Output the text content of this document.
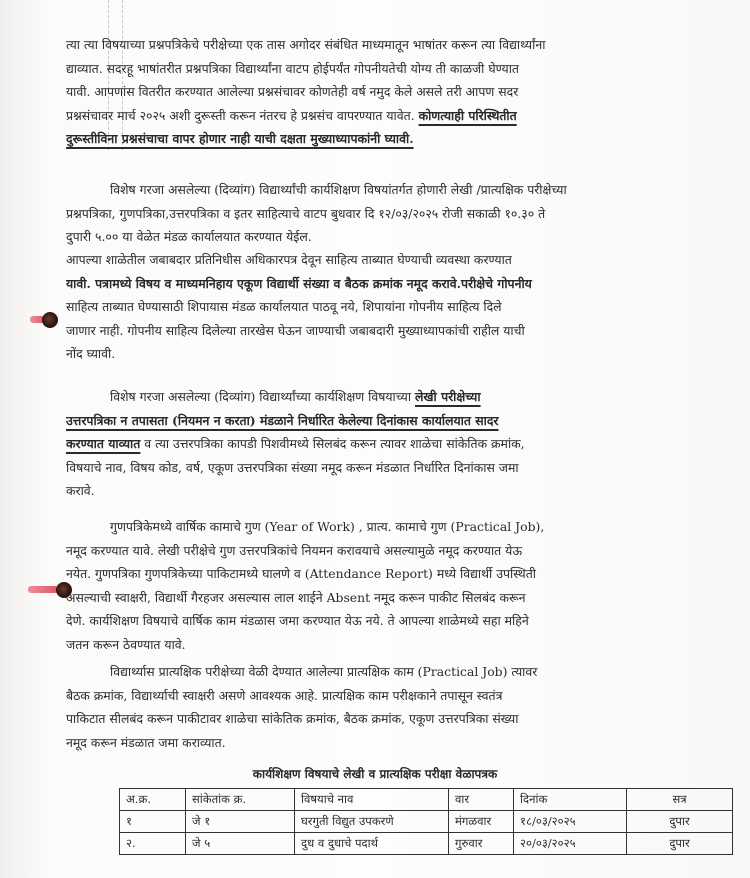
त्या त्या विषयाच्या प्रश्नपत्रिकेचे परीक्षेच्या एक तास अगोदर संबंधित माध्यमातून भाषांतर करून त्या विद्यार्थ्यांना
द्याव्यात. सदरहू भाषांतरीत प्रश्नपत्रिका विद्यार्थ्यांना वाटप होईपर्यंत गोपनीयतेची योग्य ती काळजी घेण्यात
यावी. आपणांस वितरीत करण्यात आलेल्या प्रश्नसंचावर कोणतेही वर्ष नमुद केले असले तरी आपण सदर
प्रश्नसंचावर मार्च २०२५ अशी दुरूस्ती करून नंतरच हे प्रश्नसंच वापरण्यात यावेत. कोणत्याही परिस्थितीत
दुरूस्तीविना प्रश्नसंचाचा वापर होणार नाही याची दक्षता मुख्याध्यापकांनी घ्यावी.
विशेष गरजा असलेल्या (दिव्यांग) विद्यार्थ्यांची कार्यशिक्षण विषयांतर्गत होणारी लेखी /प्रात्यक्षिक परीक्षेच्या
प्रश्नपत्रिका, गुणपत्रिका,उत्तरपत्रिका व इतर साहित्याचे वाटप बुधवार दि १२/०३/२०२५ रोजी सकाळी १०.३० ते
दुपारी ५.०० या वेळेत मंडळ कार्यालयात करण्यात येईल.
आपल्या शाळेतील जबाबदार प्रतिनिधीस अधिकारपत्र देवून साहित्य ताब्यात घेण्याची व्यवस्था करण्यात
यावी. पत्रामध्ये विषय व माध्यमनिहाय एकूण विद्यार्थी संख्या व बैठक क्रमांक नमूद करावे.परीक्षेचे गोपनीय
साहित्य ताब्यात घेण्यासाठी शिपायास मंडळ कार्यालयात पाठवू नये, शिपायांना गोपनीय साहित्य दिले
जाणार नाही. गोपनीय साहित्य दिलेल्या तारखेस घेऊन जाण्याची जबाबदारी मुख्याध्यापकांची राहील याची
नोंद घ्यावी.
विशेष गरजा असलेल्या (दिव्यांग) विद्यार्थ्यांच्या कार्यशिक्षण विषयाच्या लेखी परीक्षेच्या
उत्तरपत्रिका न तपासता (नियमन न करता) मंडळाने निर्धारित केलेल्या दिनांकास कार्यालयात सादर
करण्यात याव्यात व त्या उत्तरपत्रिका कापडी पिशवीमध्ये सिलबंद करून त्यावर शाळेचा सांकेतिक क्रमांक,
विषयाचे नाव, विषय कोड, वर्ष, एकूण उत्तरपत्रिका संख्या नमूद करून मंडळात निर्धारित दिनांकास जमा
करावे.
गुणपत्रिकेमध्ये वार्षिक कामाचे गुण (Year of Work) , प्रात्य. कामाचे गुण (Practical Job),
नमूद करण्यात यावे. लेखी परीक्षेचे गुण उत्तरपत्रिकांचे नियमन करावयाचे असल्यामुळे नमूद करण्यात येऊ
नयेत. गुणपत्रिका गुणपत्रिकेच्या पाकिटामध्ये घालणे व (Attendance Report) मध्ये विद्यार्थी उपस्थिती
असल्याची स्वाक्षरी, विद्यार्थी गैरहजर असल्यास लाल शाईने Absent नमूद करून पाकीट सिलबंद करून
देणे. कार्यशिक्षण विषयाचे वार्षिक काम मंडळास जमा करण्यात येऊ नये. ते आपल्या शाळेमध्ये सहा महिने
जतन करून ठेवण्यात यावे.
विद्यार्थ्यास प्रात्यक्षिक परीक्षेच्या वेळी देण्यात आलेल्या प्रात्यक्षिक काम (Practical Job) त्यावर
बैठक क्रमांक, विद्यार्थ्याची स्वाक्षरी असणे आवश्यक आहे. प्रात्यक्षिक काम परीक्षकाने तपासून स्वतंत्र
पाकिटात सीलबंद करून पाकीटावर शाळेचा सांकेतिक क्रमांक, बैठक क्रमांक, एकूण उत्तरपत्रिका संख्या
नमूद करून मंडळात जमा कराव्यात.
कार्यशिक्षण विषयाचे लेखी व प्रात्यक्षिक परीक्षा वेळापत्रक
अ.क्र.	सांकेतांक क्र.	विषयाचे नाव	वार	दिनांक	सत्र
१	जे १	घरगुती विद्युत उपकरणे	मंगळवार	१८/०३/२०२५	दुपार
२.	जे ५	दुध व दुधाचे पदार्थ	गुरुवार	२०/०३/२०२५	दुपार
